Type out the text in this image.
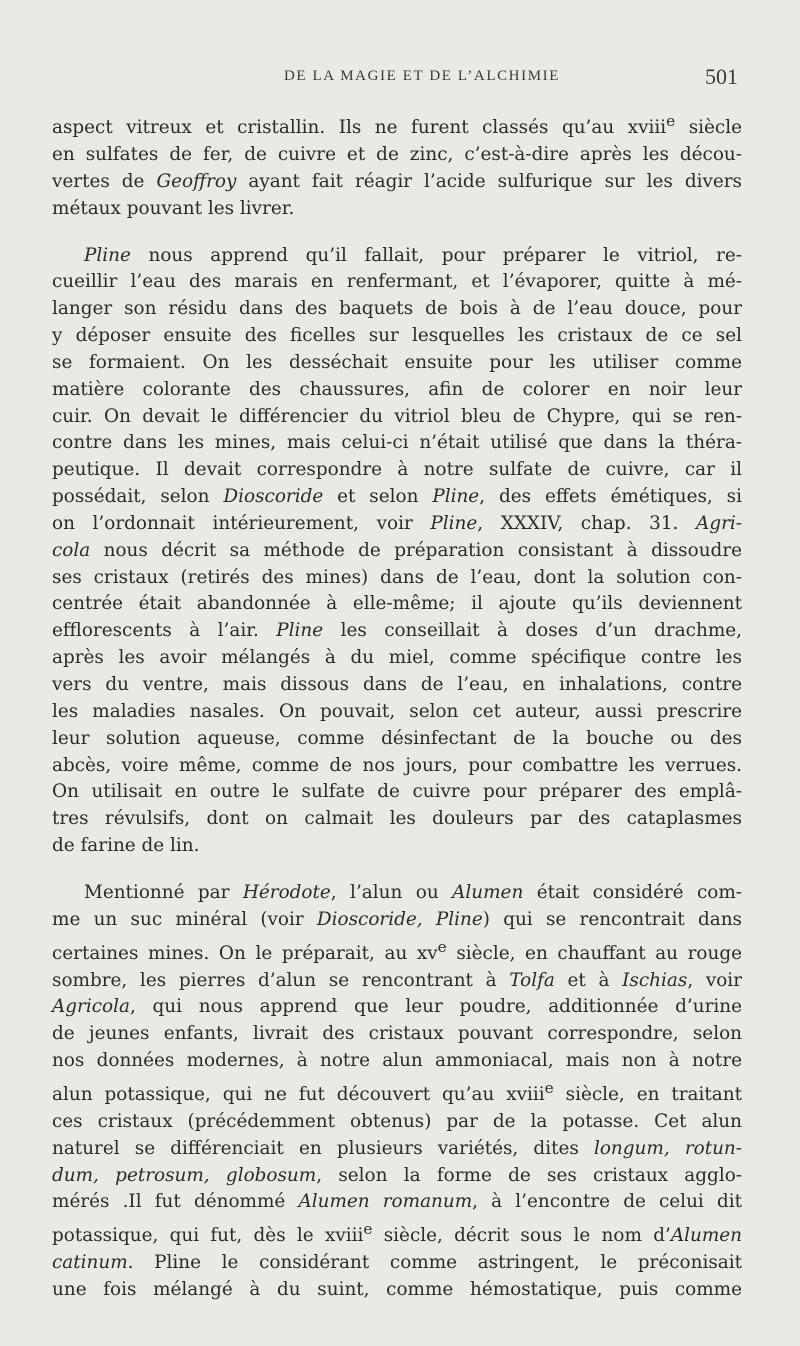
DE LA MAGIE ET DE L’ALCHIMIE	501
aspect vitreux et cristallin. Ils ne furent classés qu’au xviii$^e$ siècle
en sulfates de fer, de cuivre et de zinc, c’est-à-dire après les décou-
vertes de Geoffroy ayant fait réagir l’acide sulfurique sur les divers
métaux pouvant les livrer.
Pline nous apprend qu’il fallait, pour préparer le vitriol, re-
cueillir l’eau des marais en renfermant, et l’évaporer, quitte à mé-
langer son résidu dans des baquets de bois à de l’eau douce, pour
y déposer ensuite des ficelles sur lesquelles les cristaux de ce sel
se formaient. On les desséchait ensuite pour les utiliser comme
matière colorante des chaussures, afin de colorer en noir leur
cuir. On devait le différencier du vitriol bleu de Chypre, qui se ren-
contre dans les mines, mais celui-ci n’était utilisé que dans la théra-
peutique. Il devait correspondre à notre sulfate de cuivre, car il
possédait, selon Dioscoride et selon Pline, des effets émétiques, si
on l’ordonnait intérieurement, voir Pline, XXXIV, chap. 31. Agri-
cola nous décrit sa méthode de préparation consistant à dissoudre
ses cristaux (retirés des mines) dans de l’eau, dont la solution con-
centrée était abandonnée à elle-même; il ajoute qu’ils deviennent
efflorescents à l’air. Pline les conseillait à doses d’un drachme,
après les avoir mélangés à du miel, comme spécifique contre les
vers du ventre, mais dissous dans de l’eau, en inhalations, contre
les maladies nasales. On pouvait, selon cet auteur, aussi prescrire
leur solution aqueuse, comme désinfectant de la bouche ou des
abcès, voire même, comme de nos jours, pour combattre les verrues.
On utilisait en outre le sulfate de cuivre pour préparer des emplâ-
tres révulsifs, dont on calmait les douleurs par des cataplasmes
de farine de lin.
Mentionné par Hérodote, l’alun ou Alumen était considéré com-
me un suc minéral (voir Dioscoride, Pline) qui se rencontrait dans
certaines mines. On le préparait, au $xv^e$ siècle, en chauffant au rouge
sombre, les pierres d’alun se rencontrant à Tolfa et à Ischias, voir
Agricola, qui nous apprend que leur poudre, additionnée d’urine
de jeunes enfants, livrait des cristaux pouvant correspondre, selon
nos données modernes, à notre alun ammoniacal, mais non à notre
alun potassique, qui ne fut découvert qu’au xviii$^e$ siècle, en traitant
ces cristaux (précédemment obtenus) par de la potasse. Cet alun
naturel se différenciait en plusieurs variétés, dites longum, rotun-
dum, petrosum, globosum, selon la forme de ses cristaux agglo-
mérés .Il fut dénommé Alumen romanum, à l’encontre de celui dit
potassique, qui fut, dès le xviii$^e$ siècle, décrit sous le nom d’Alumen
catinum. Pline le considérant comme astringent, le préconisait
une fois mélangé à du suint, comme hémostatique, puis comme
